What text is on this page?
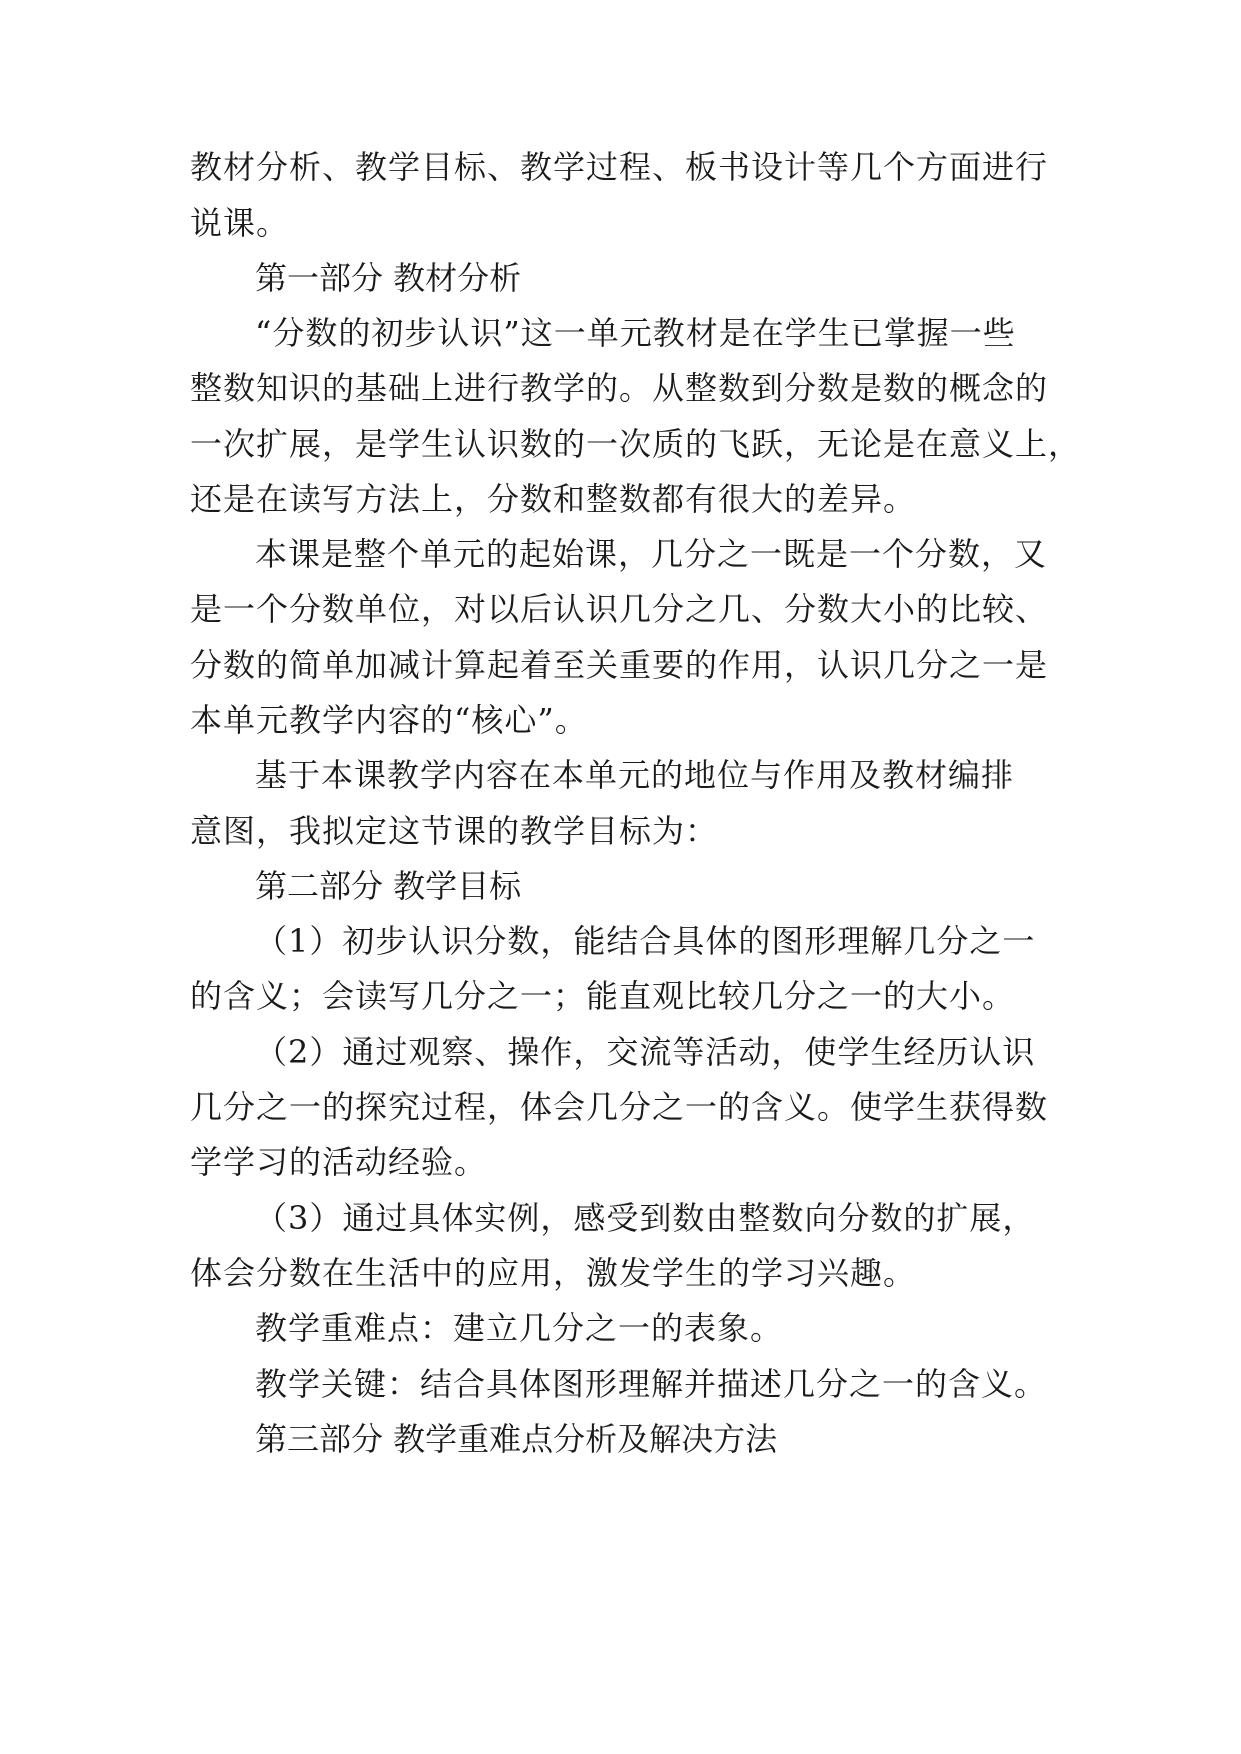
教材分析、教学目标、教学过程、板书设计等几个方面进行
说课。
第一部分 教材分析
“分数的初步认识”这一单元教材是在学生已掌握一些
整数知识的基础上进行教学的。从整数到分数是数的概念的
一次扩展，是学生认识数的一次质的飞跃，无论是在意义上，
还是在读写方法上，分数和整数都有很大的差异。
本课是整个单元的起始课，几分之一既是一个分数，又
是一个分数单位，对以后认识几分之几、分数大小的比较、
分数的简单加减计算起着至关重要的作用，认识几分之一是
本单元教学内容的“核心”。
基于本课教学内容在本单元的地位与作用及教材编排
意图，我拟定这节课的教学目标为：
第二部分 教学目标
（1）初步认识分数，能结合具体的图形理解几分之一
的含义；会读写几分之一；能直观比较几分之一的大小。
（2）通过观察、操作，交流等活动，使学生经历认识
几分之一的探究过程，体会几分之一的含义。使学生获得数
学学习的活动经验。
（3）通过具体实例，感受到数由整数向分数的扩展，
体会分数在生活中的应用，激发学生的学习兴趣。
教学重难点：建立几分之一的表象。
教学关键：结合具体图形理解并描述几分之一的含义。
第三部分 教学重难点分析及解决方法
